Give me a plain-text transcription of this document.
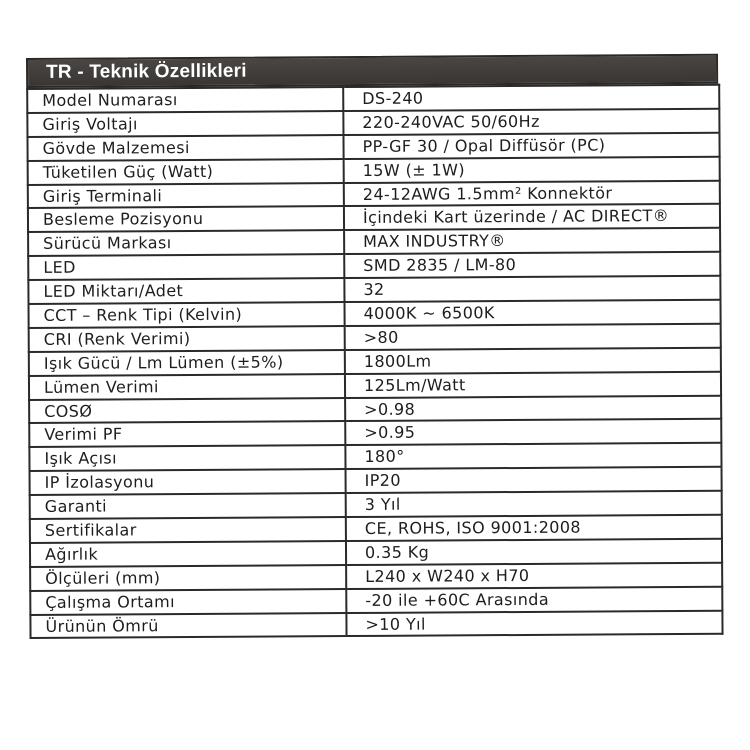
TR - Teknik Özellikleri
Model Numarası	DS-240
Giriş Voltajı	220-240VAC 50/60Hz
Gövde Malzemesi	PP-GF 30 / Opal Diffüsör (PC)
Tüketilen Güç (Watt)	15W (± 1W)
Giriş Terminali	24-12AWG 1.5mm² Konnektör
Besleme Pozisyonu	İçindeki Kart üzerinde / AC DIRECT®
Sürücü Markası	MAX INDUSTRY®
LED	SMD 2835 / LM-80
LED Miktarı/Adet	32
CCT – Renk Tipi (Kelvin)	4000K ~ 6500K
CRI (Renk Verimi)	>80
Işık Gücü / Lm Lümen (±5%)	1800Lm
Lümen Verimi	125Lm/Watt
COSØ	>0.98
Verimi PF	>0.95
Işık Açısı	180°
IP İzolasyonu	IP20
Garanti	3 Yıl
Sertifikalar	CE, ROHS, ISO 9001:2008
Ağırlık	0.35 Kg
Ölçüleri (mm)	L240 x W240 x H70
Çalışma Ortamı	-20 ile +60C Arasında
Ürünün Ömrü	>10 Yıl
